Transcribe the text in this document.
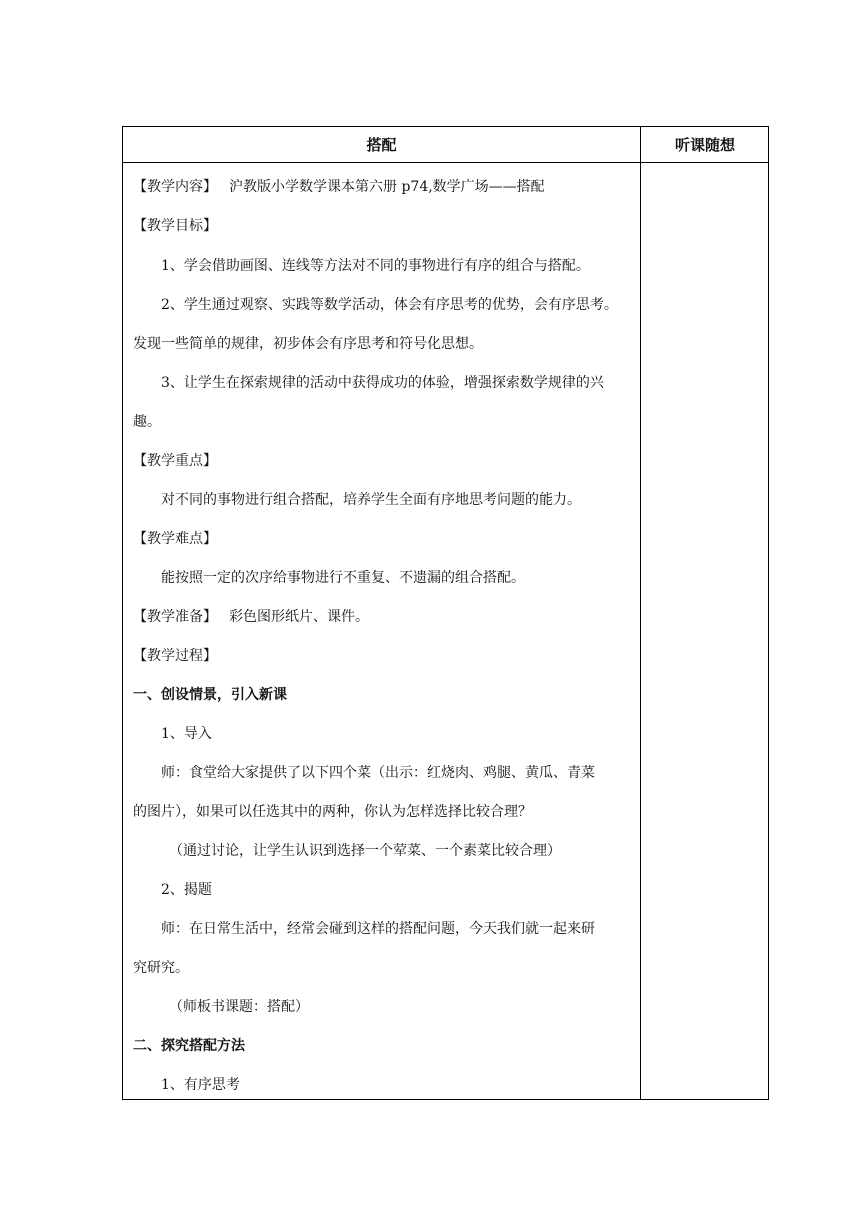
搭配	听课随想
【教学内容】 沪教版小学数学课本第六册 p74,数学广场——搭配
【教学目标】
1、学会借助画图、连线等方法对不同的事物进行有序的组合与搭配。
2、学生通过观察、实践等数学活动，体会有序思考的优势，会有序思考。
发现一些简单的规律，初步体会有序思考和符号化思想。
3、让学生在探索规律的活动中获得成功的体验，增强探索数学规律的兴
趣。
【教学重点】
对不同的事物进行组合搭配，培养学生全面有序地思考问题的能力。
【教学难点】
能按照一定的次序给事物进行不重复、不遗漏的组合搭配。
【教学准备】 彩色图形纸片、课件。
【教学过程】
一、创设情景，引入新课
1、导入
师：食堂给大家提供了以下四个菜（出示：红烧肉、鸡腿、黄瓜、青菜
的图片），如果可以任选其中的两种，你认为怎样选择比较合理？
（通过讨论，让学生认识到选择一个荤菜、一个素菜比较合理）
2、揭题
师：在日常生活中，经常会碰到这样的搭配问题，今天我们就一起来研
究研究。
（师板书课题：搭配）
二、探究搭配方法
1、有序思考
